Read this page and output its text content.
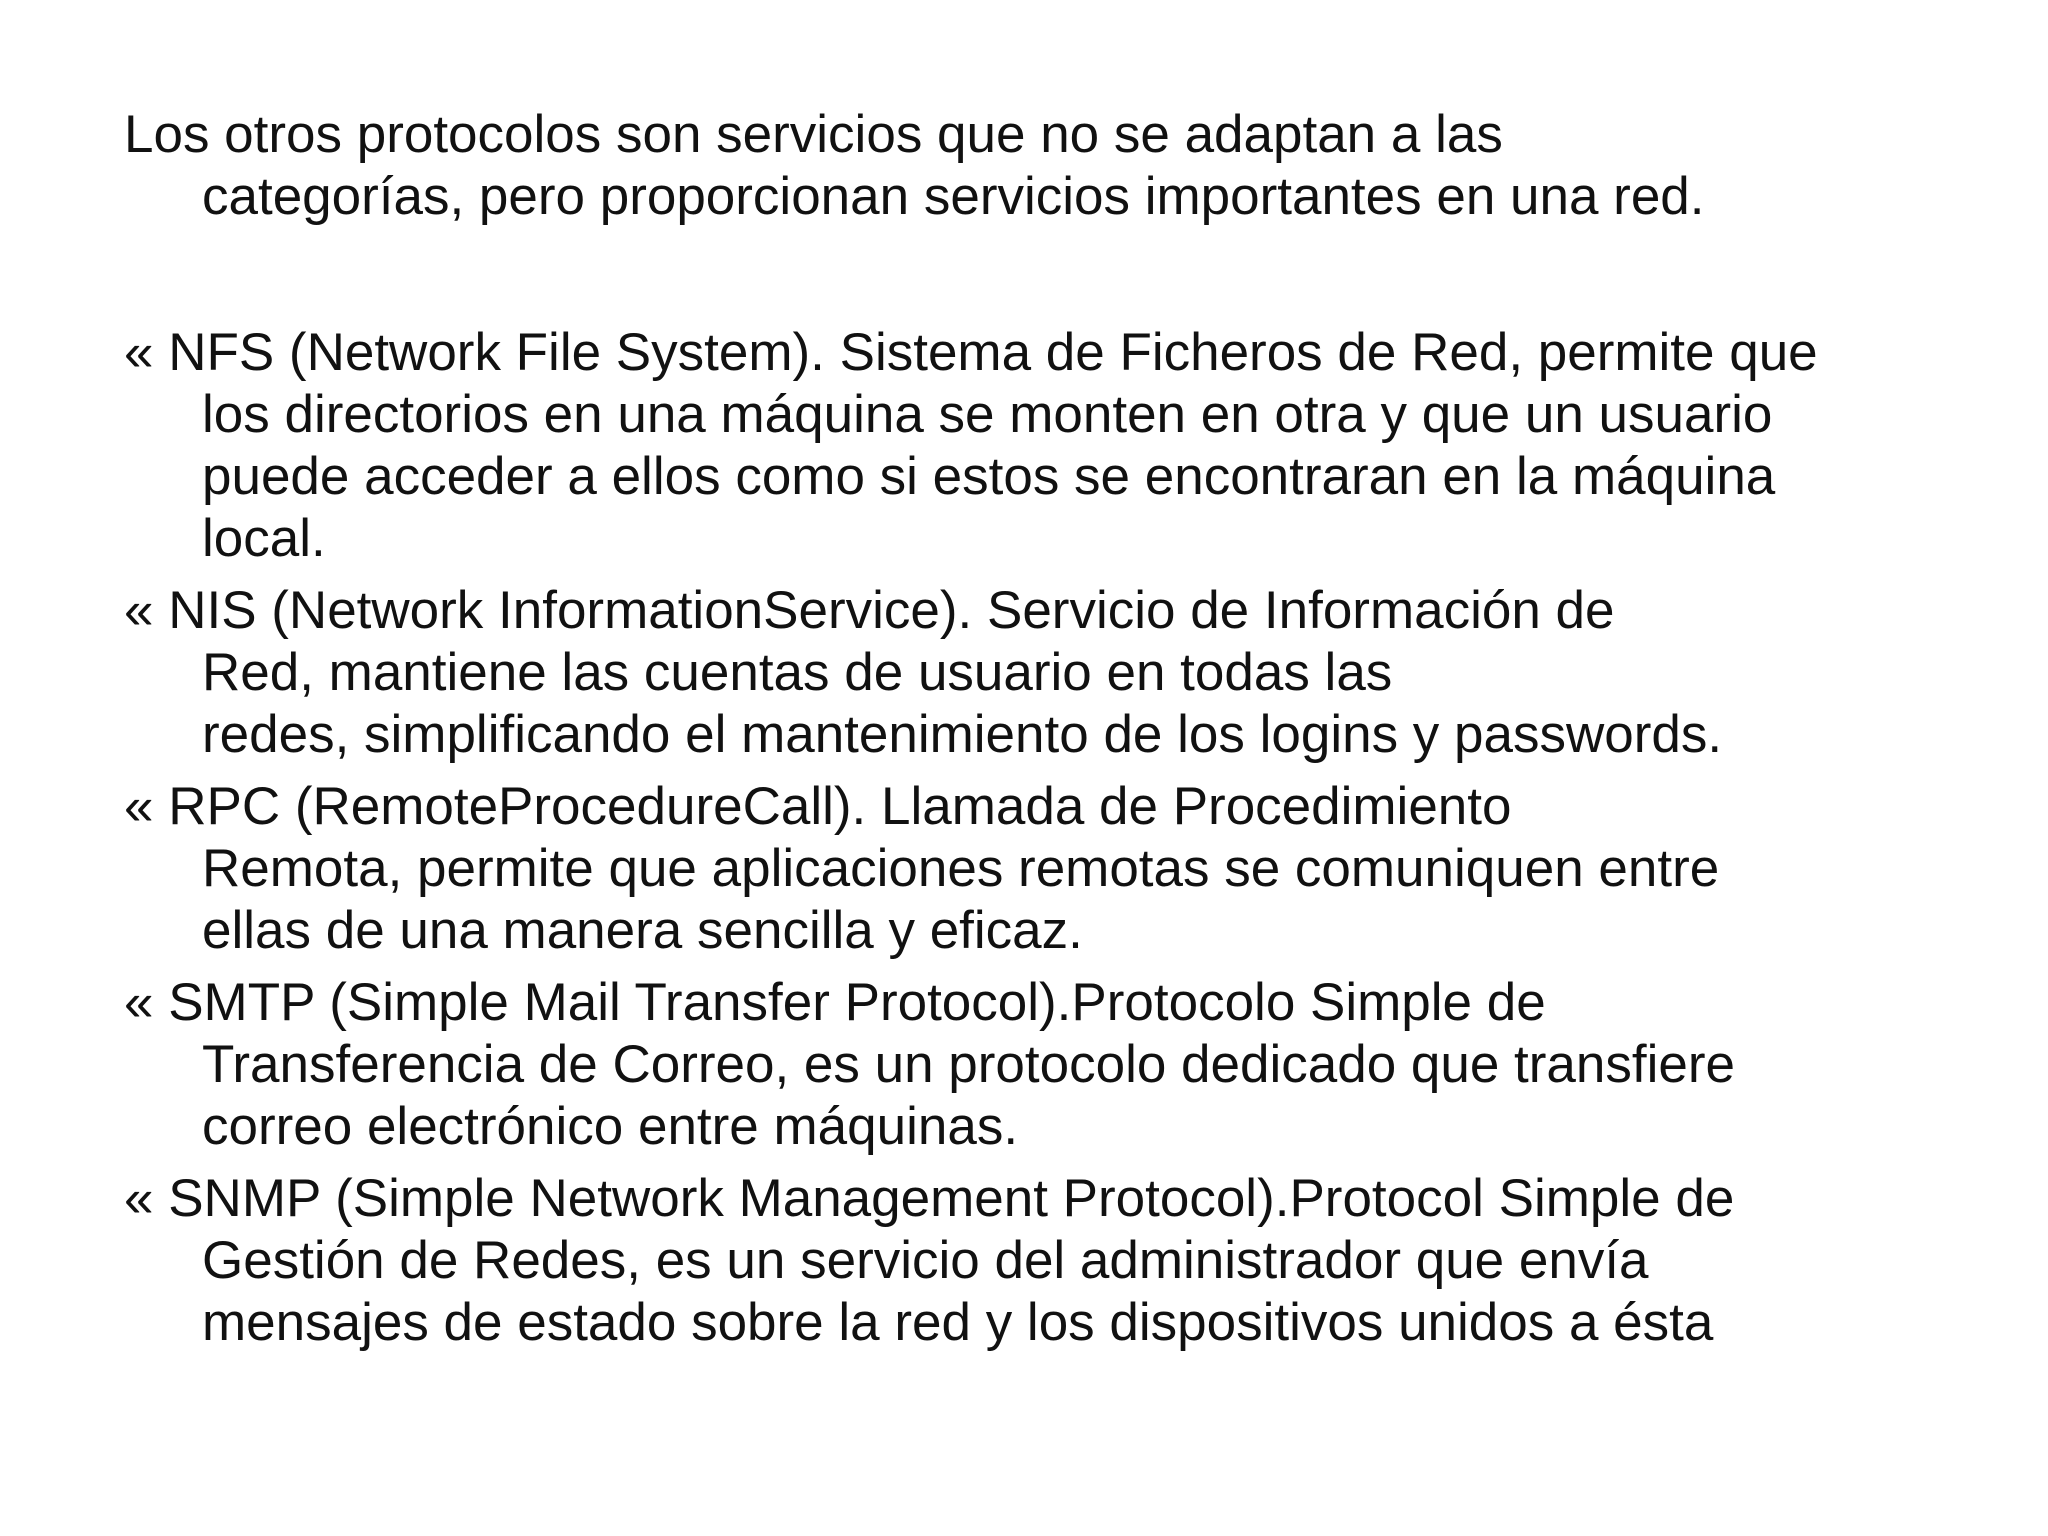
Los otros protocolos son servicios que no se adaptan a las
categorías, pero proporcionan servicios importantes en una red.

« NFS (Network File System). Sistema de Ficheros de Red, permite que
los directorios en una máquina se monten en otra y que un usuario
puede acceder a ellos como si estos se encontraran en la máquina
local.

« NIS (Network InformationService). Servicio de Información de
Red, mantiene las cuentas de usuario en todas las
redes, simplificando el mantenimiento de los logins y passwords.

« RPC (RemoteProcedureCall). Llamada de Procedimiento
Remota, permite que aplicaciones remotas se comuniquen entre
ellas de una manera sencilla y eficaz.

« SMTP (Simple Mail Transfer Protocol).Protocolo Simple de
Transferencia de Correo, es un protocolo dedicado que transfiere
correo electrónico entre máquinas.

« SNMP (Simple Network Management Protocol).Protocol Simple de
Gestión de Redes, es un servicio del administrador que envía
mensajes de estado sobre la red y los dispositivos unidos a ésta
